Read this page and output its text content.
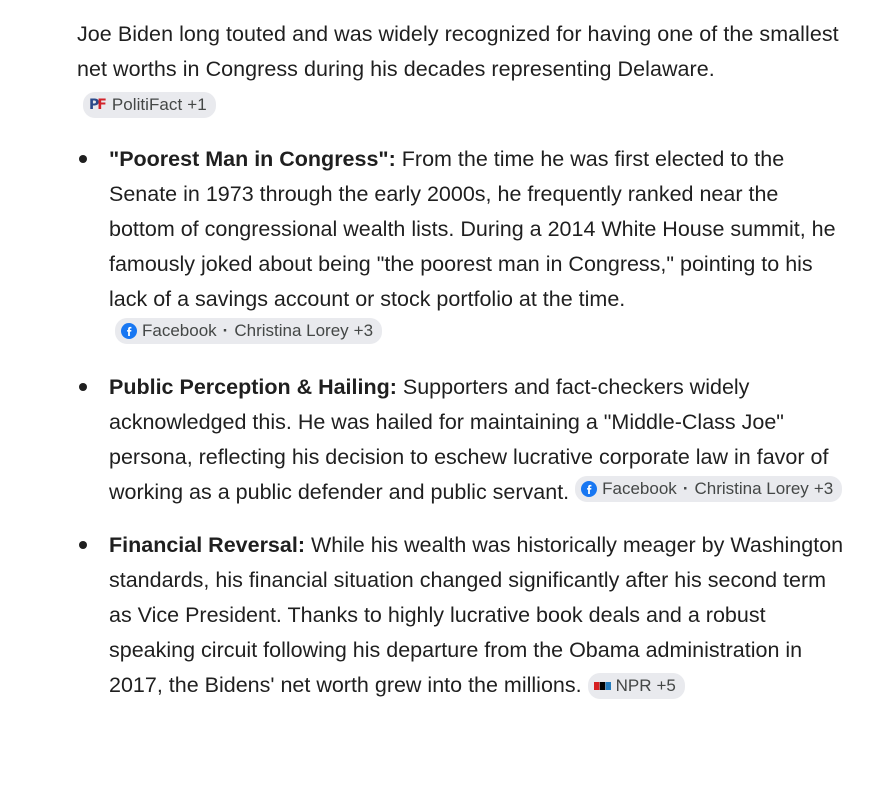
Joe Biden long touted and was widely recognized for having one of the smallest net worths in Congress during his decades representing Delaware.
PF PolitiFact +1

"Poorest Man in Congress": From the time he was first elected to the Senate in 1973 through the early 2000s, he frequently ranked near the bottom of congressional wealth lists. During a 2014 White House summit, he famously joked about being "the poorest man in Congress," pointing to his lack of a savings account or stock portfolio at the time.
Facebook · Christina Lorey +3
Public Perception & Hailing: Supporters and fact-checkers widely acknowledged this. He was hailed for maintaining a "Middle-Class Joe" persona, reflecting his decision to eschew lucrative corporate law in favor of working as a public defender and public servant. Facebook · Christina Lorey +3
Financial Reversal: While his wealth was historically meager by Washington standards, his financial situation changed significantly after his second term as Vice President. Thanks to highly lucrative book deals and a robust speaking circuit following his departure from the Obama administration in 2017, the Bidens' net worth grew into the millions. NPR +5
